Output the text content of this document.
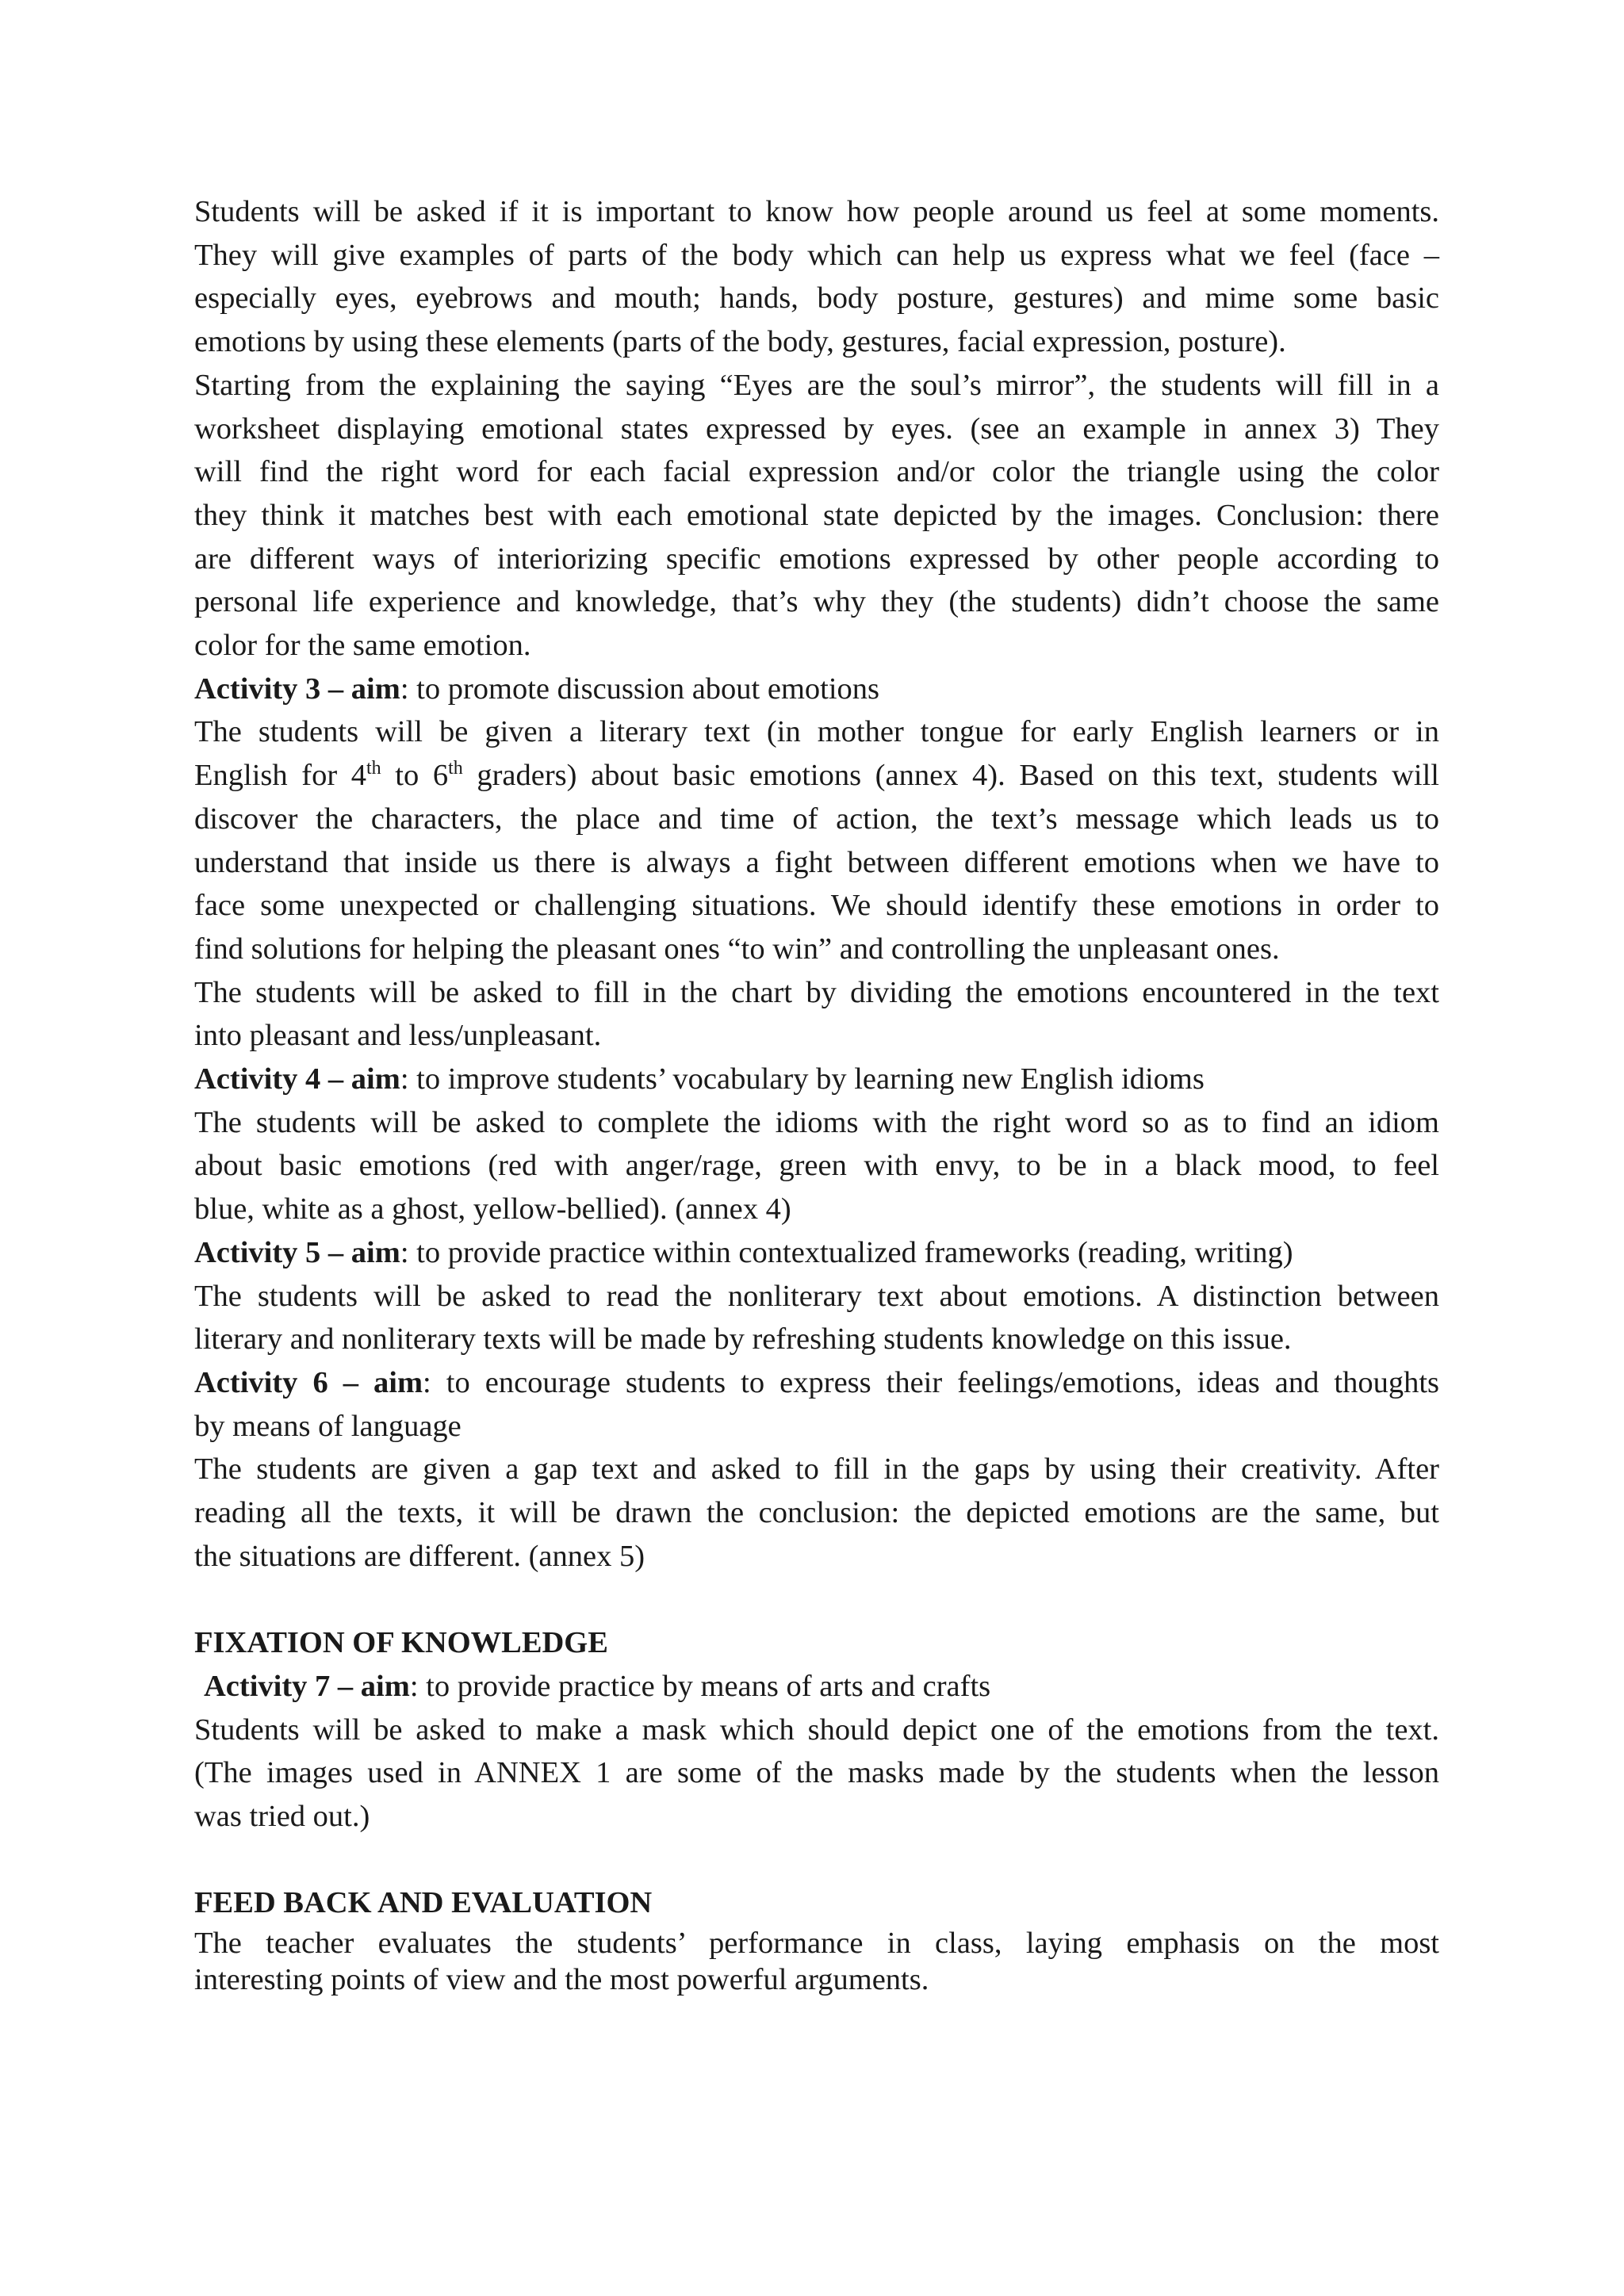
Students will be asked if it is important to know how people around us feel at some moments.
They will give examples of parts of the body which can help us express what we feel (face –
especially eyes, eyebrows and mouth; hands, body posture, gestures) and mime some basic
emotions by using these elements (parts of the body, gestures, facial expression, posture).
Starting from the explaining the saying “Eyes are the soul’s mirror”, the students will fill in a
worksheet displaying emotional states expressed by eyes. (see an example in annex 3) They
will find the right word for each facial expression and/or color the triangle using the color
they think it matches best with each emotional state depicted by the images. Conclusion: there
are different ways of interiorizing specific emotions expressed by other people according to
personal life experience and knowledge, that’s why they (the students) didn’t choose the same
color for the same emotion.
Activity 3 – aim: to promote discussion about emotions
The students will be given a literary text (in mother tongue for early English learners or in
English for 4th to 6th graders) about basic emotions (annex 4). Based on this text, students will
discover the characters, the place and time of action, the text’s message which leads us to
understand that inside us there is always a fight between different emotions when we have to
face some unexpected or challenging situations. We should identify these emotions in order to
find solutions for helping the pleasant ones “to win” and controlling the unpleasant ones.
The students will be asked to fill in the chart by dividing the emotions encountered in the text
into pleasant and less/unpleasant.
Activity 4 – aim: to improve students’ vocabulary by learning new English idioms
The students will be asked to complete the idioms with the right word so as to find an idiom
about basic emotions (red with anger/rage, green with envy, to be in a black mood, to feel
blue, white as a ghost, yellow-bellied). (annex 4)
Activity 5 – aim: to provide practice within contextualized frameworks (reading, writing)
The students will be asked to read the nonliterary text about emotions. A distinction between
literary and nonliterary texts will be made by refreshing students knowledge on this issue.
Activity 6 – aim: to encourage students to express their feelings/emotions, ideas and thoughts
by means of language
The students are given a gap text and asked to fill in the gaps by using their creativity. After
reading all the texts, it will be drawn the conclusion: the depicted emotions are the same, but
the situations are different. (annex 5)
FIXATION OF KNOWLEDGE
Activity 7 – aim: to provide practice by means of arts and crafts
Students will be asked to make a mask which should depict one of the emotions from the text.
(The images used in ANNEX 1 are some of the masks made by the students when the lesson
was tried out.)
FEED BACK AND EVALUATION
The teacher evaluates the students’ performance in class, laying emphasis on the most
interesting points of view and the most powerful arguments.
